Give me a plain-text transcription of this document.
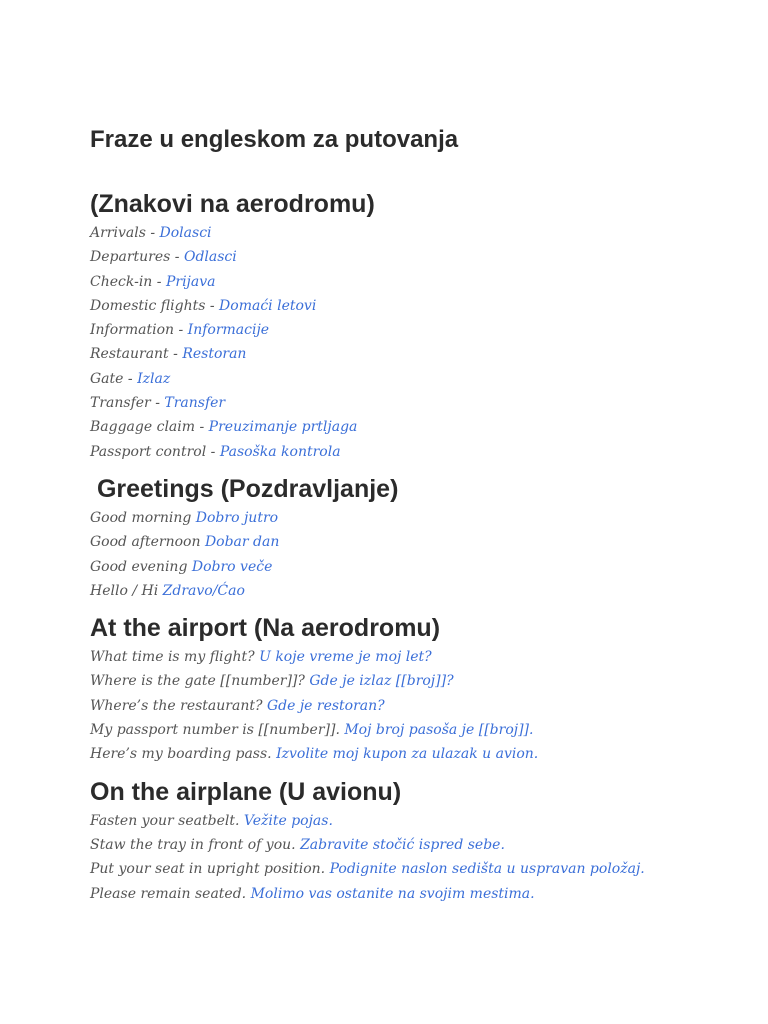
Fraze u engleskom za putovanja
(Znakovi na aerodromu)
Arrivals - Dolasci
Departures - Odlasci
Check-in - Prijava
Domestic flights - Domaći letovi
Information - Informacije
Restaurant - Restoran
Gate - Izlaz
Transfer - Transfer
Baggage claim - Preuzimanje prtljaga
Passport control - Pasoška kontrola
Greetings (Pozdravljanje)
Good morning Dobro jutro
Good afternoon Dobar dan
Good evening Dobro veče
Hello / Hi Zdravo/Ćao
At the airport (Na aerodromu)
What time is my flight? U koje vreme je moj let?
Where is the gate [[number]]? Gde je izlaz [[broj]]?
Where’s the restaurant? Gde je restoran?
My passport number is [[number]]. Moj broj pasoša je [[broj]].
Here’s my boarding pass. Izvolite moj kupon za ulazak u avion.
On the airplane (U avionu)
Fasten your seatbelt. Vežite pojas.
Staw the tray in front of you. Zabravite stočić ispred sebe.
Put your seat in upright position. Podignite naslon sedišta u uspravan položaj.
Please remain seated. Molimo vas ostanite na svojim mestima.
